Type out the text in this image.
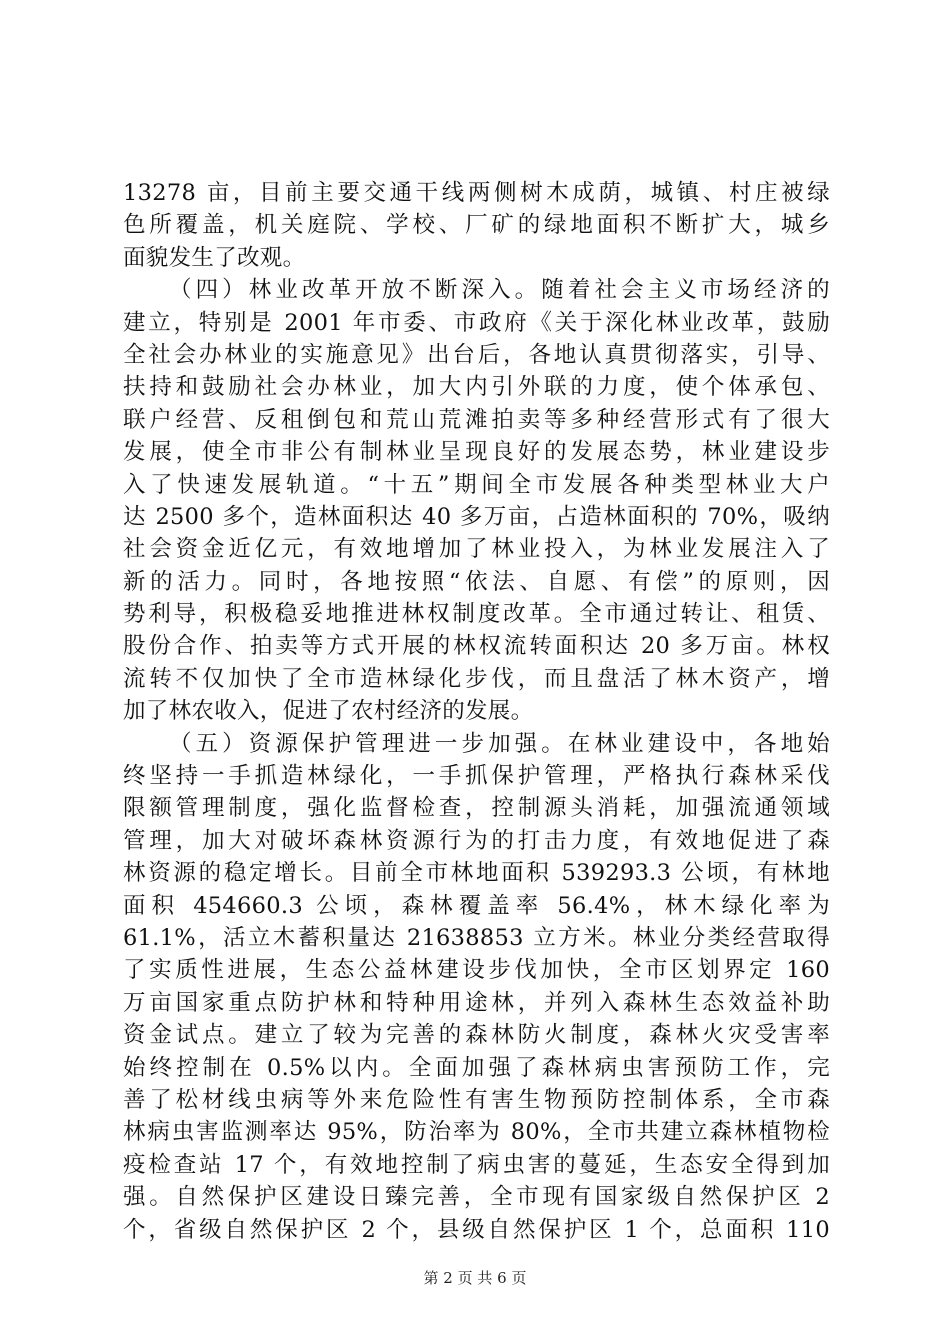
13278 亩，目前主要交通干线两侧树木成荫，城镇、村庄被绿
色所覆盖，机关庭院、学校、厂矿的绿地面积不断扩大，城乡
面貌发生了改观。
（四）林业改革开放不断深入。随着社会主义市场经济的
建立，特别是 2001 年市委、市政府《关于深化林业改革，鼓励
全社会办林业的实施意见》出台后，各地认真贯彻落实，引导、
扶持和鼓励社会办林业，加大内引外联的力度，使个体承包、
联户经营、反租倒包和荒山荒滩拍卖等多种经营形式有了很大
发展，使全市非公有制林业呈现良好的发展态势，林业建设步
入了快速发展轨道。“十五”期间全市发展各种类型林业大户
达 2500 多个，造林面积达 40 多万亩，占造林面积的 70%，吸纳
社会资金近亿元，有效地增加了林业投入，为林业发展注入了
新的活力。同时，各地按照“依法、自愿、有偿”的原则，因
势利导，积极稳妥地推进林权制度改革。全市通过转让、租赁、
股份合作、拍卖等方式开展的林权流转面积达 20 多万亩。林权
流转不仅加快了全市造林绿化步伐，而且盘活了林木资产，增
加了林农收入，促进了农村经济的发展。
（五）资源保护管理进一步加强。在林业建设中，各地始
终坚持一手抓造林绿化，一手抓保护管理，严格执行森林采伐
限额管理制度，强化监督检查，控制源头消耗，加强流通领域
管理，加大对破坏森林资源行为的打击力度，有效地促进了森
林资源的稳定增长。目前全市林地面积 539293.3 公顷，有林地
面积 454660.3 公顷，森林覆盖率 56.4%，林木绿化率为
61.1%，活立木蓄积量达 21638853 立方米。林业分类经营取得
了实质性进展，生态公益林建设步伐加快，全市区划界定 160
万亩国家重点防护林和特种用途林，并列入森林生态效益补助
资金试点。建立了较为完善的森林防火制度，森林火灾受害率
始终控制在 0.5%以内。全面加强了森林病虫害预防工作，完
善了松材线虫病等外来危险性有害生物预防控制体系，全市森
林病虫害监测率达 95%，防治率为 80%，全市共建立森林植物检
疫检查站 17 个，有效地控制了病虫害的蔓延，生态安全得到加
强。自然保护区建设日臻完善，全市现有国家级自然保护区 2
个，省级自然保护区 2 个，县级自然保护区 1 个，总面积 110
第 2 页 共 6 页
